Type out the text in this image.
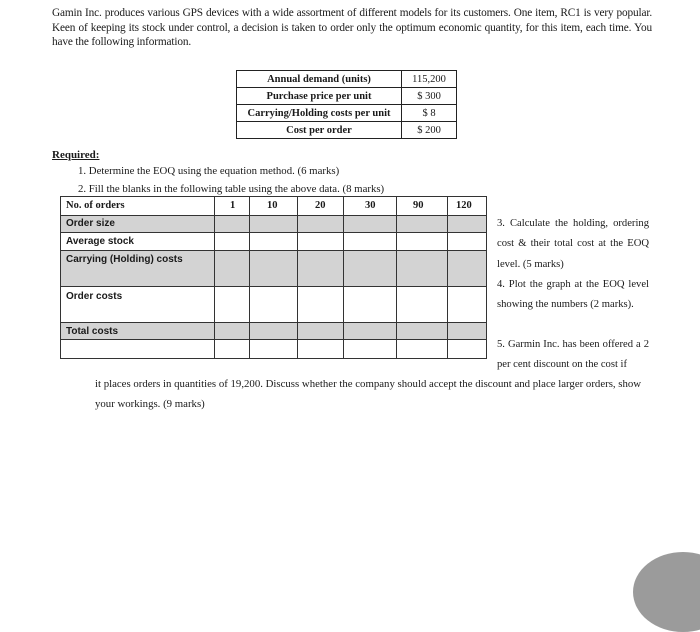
Gamin Inc. produces various GPS devices with a wide assortment of different models for its customers. One item, RC1 is very popular. Keen of keeping its stock under control, a decision is taken to order only the optimum economic quantity, for this item, each time. You have the following information.
Annual demand (units)	115,200
Purchase price per unit	$ 300
Carrying/Holding costs per unit	$ 8
Cost per order	$ 200
Required:
1. Determine the EOQ using the equation method. (6 marks)
2. Fill the blanks in the following table using the above data. (8 marks)
No. of orders	1	10	20	30	90	120
Order size
Average stock
Carrying (Holding) costs
Order costs
Total costs
3. Calculate the holding, ordering cost & their total cost at the EOQ level. (5 marks)
4. Plot the graph at the EOQ level showing the numbers (2 marks).
5. Garmin Inc. has been offered a 2 per cent discount on the cost if
it places orders in quantities of 19,200. Discuss whether the company should accept the discount and place larger orders, show your workings. (9 marks)
